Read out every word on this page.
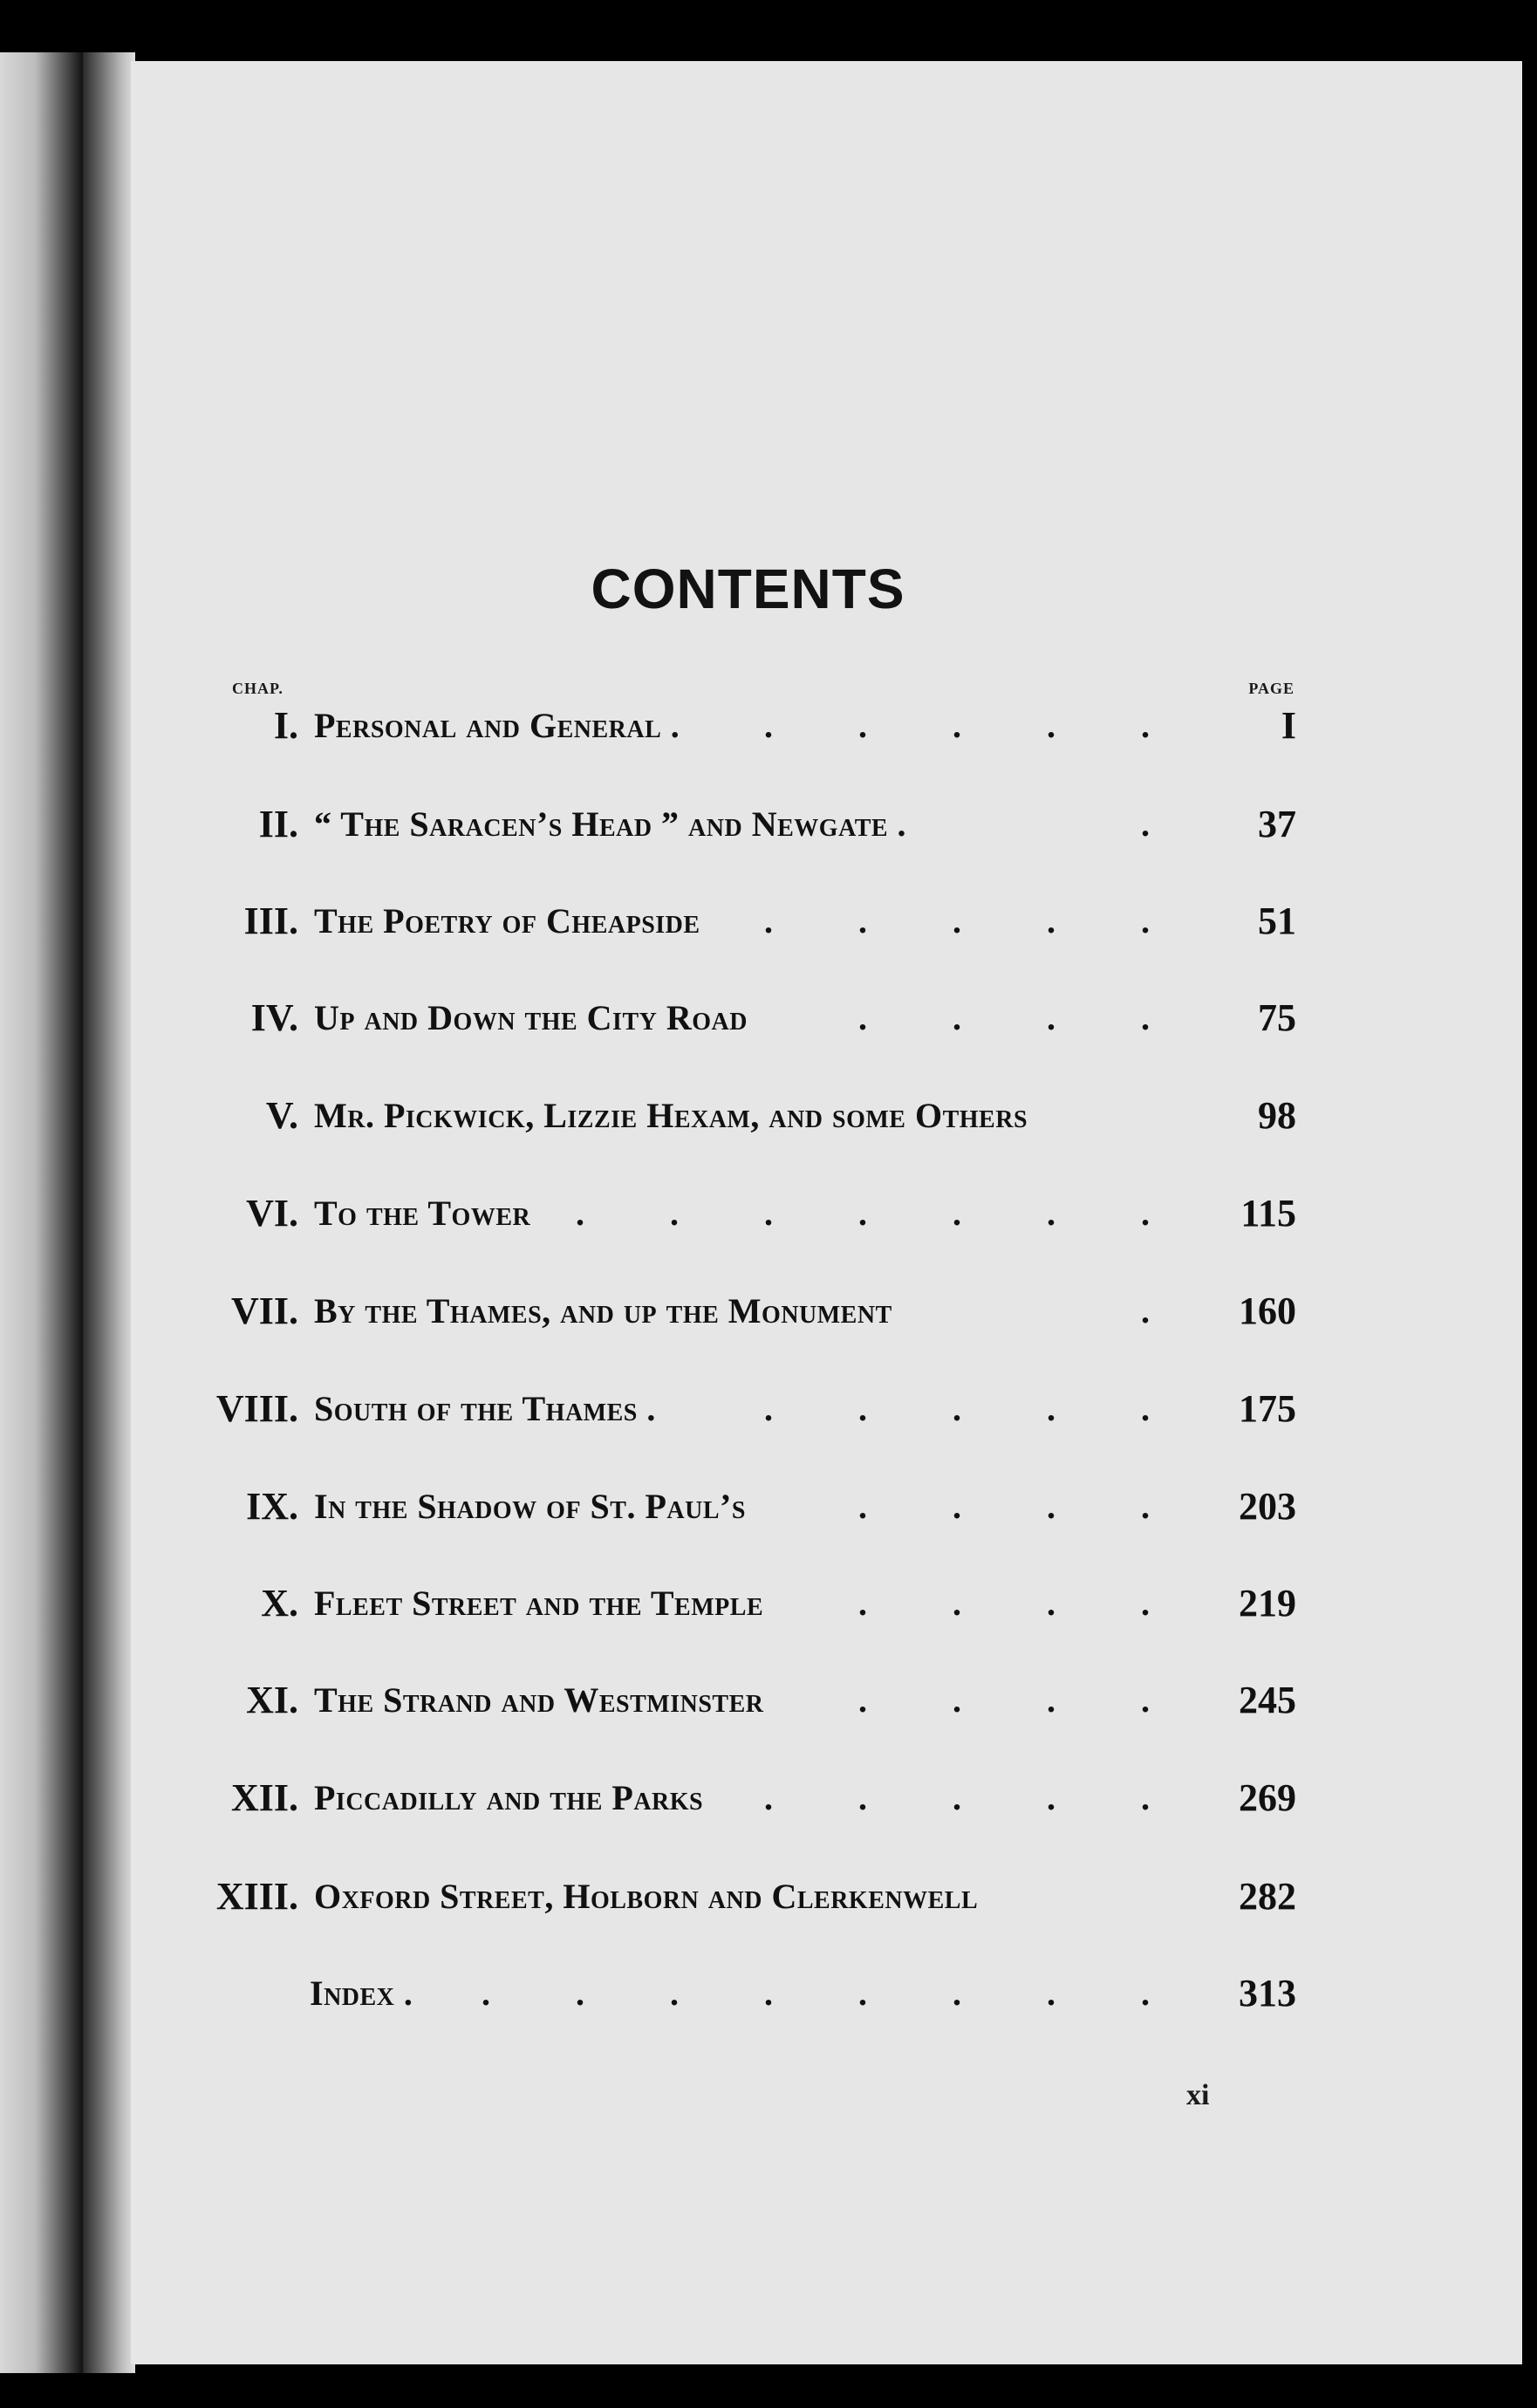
CONTENTS
CHAP.	PAGE
I. Personal and General . . . . . . I
II. “ The Saracen’s Head ” and Newgate .	. 37
III. The Poetry of Cheapside . . . . . 51
IV. Up and Down the City Road	. . . . 75
V. Mr. Pickwick, Lizzie Hexam, and some Others	98
VI. To the Tower . . . . . . . 115
VII. By the Thames, and up the Monument	. 160
VIII. South of the Thames .	. . . . . 175
IX. In the Shadow of St. Paul’s	. . . . 203
X. Fleet Street and the Temple	. . . . 219
XI. The Strand and Westminster	. . . . 245
XII. Piccadilly and the Parks . . . . . 269
XIII. Oxford Street, Holborn and Clerkenwell	282
Index . . . . . . . . . 313
xi
